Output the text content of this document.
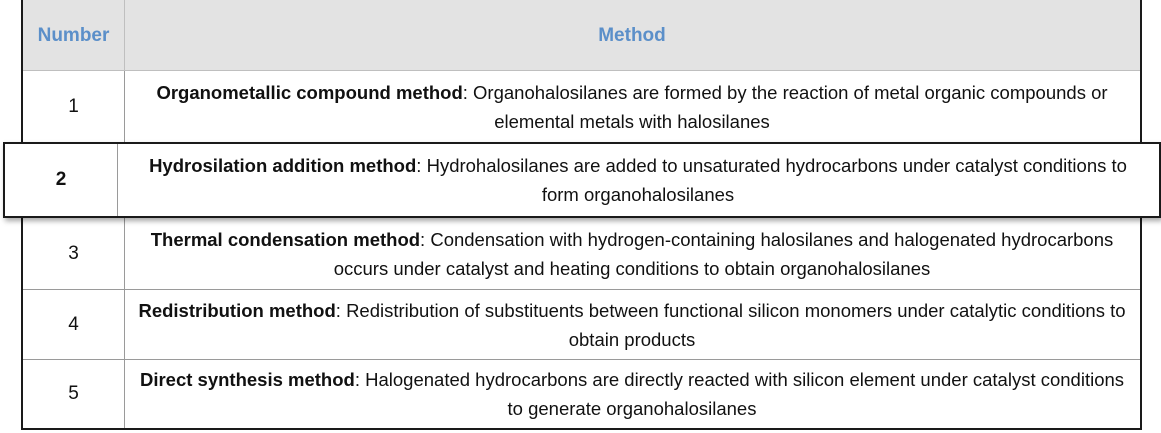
Number	Method
1
Organometallic compound method: Organohalosilanes are formed by the reaction of metal organic compounds or elemental metals with halosilanes
3
Thermal condensation method: Condensation with hydrogen-containing halosilanes and halogenated hydrocarbons occurs under catalyst and heating conditions to obtain organohalosilanes
4
Redistribution method: Redistribution of substituents between functional silicon monomers under catalytic conditions to obtain products
5
Direct synthesis method: Halogenated hydrocarbons are directly reacted with silicon element under catalyst conditions to generate organohalosilanes
2
Hydrosilation addition method: Hydrohalosilanes are added to unsaturated hydrocarbons under catalyst conditions to form organohalosilanes
